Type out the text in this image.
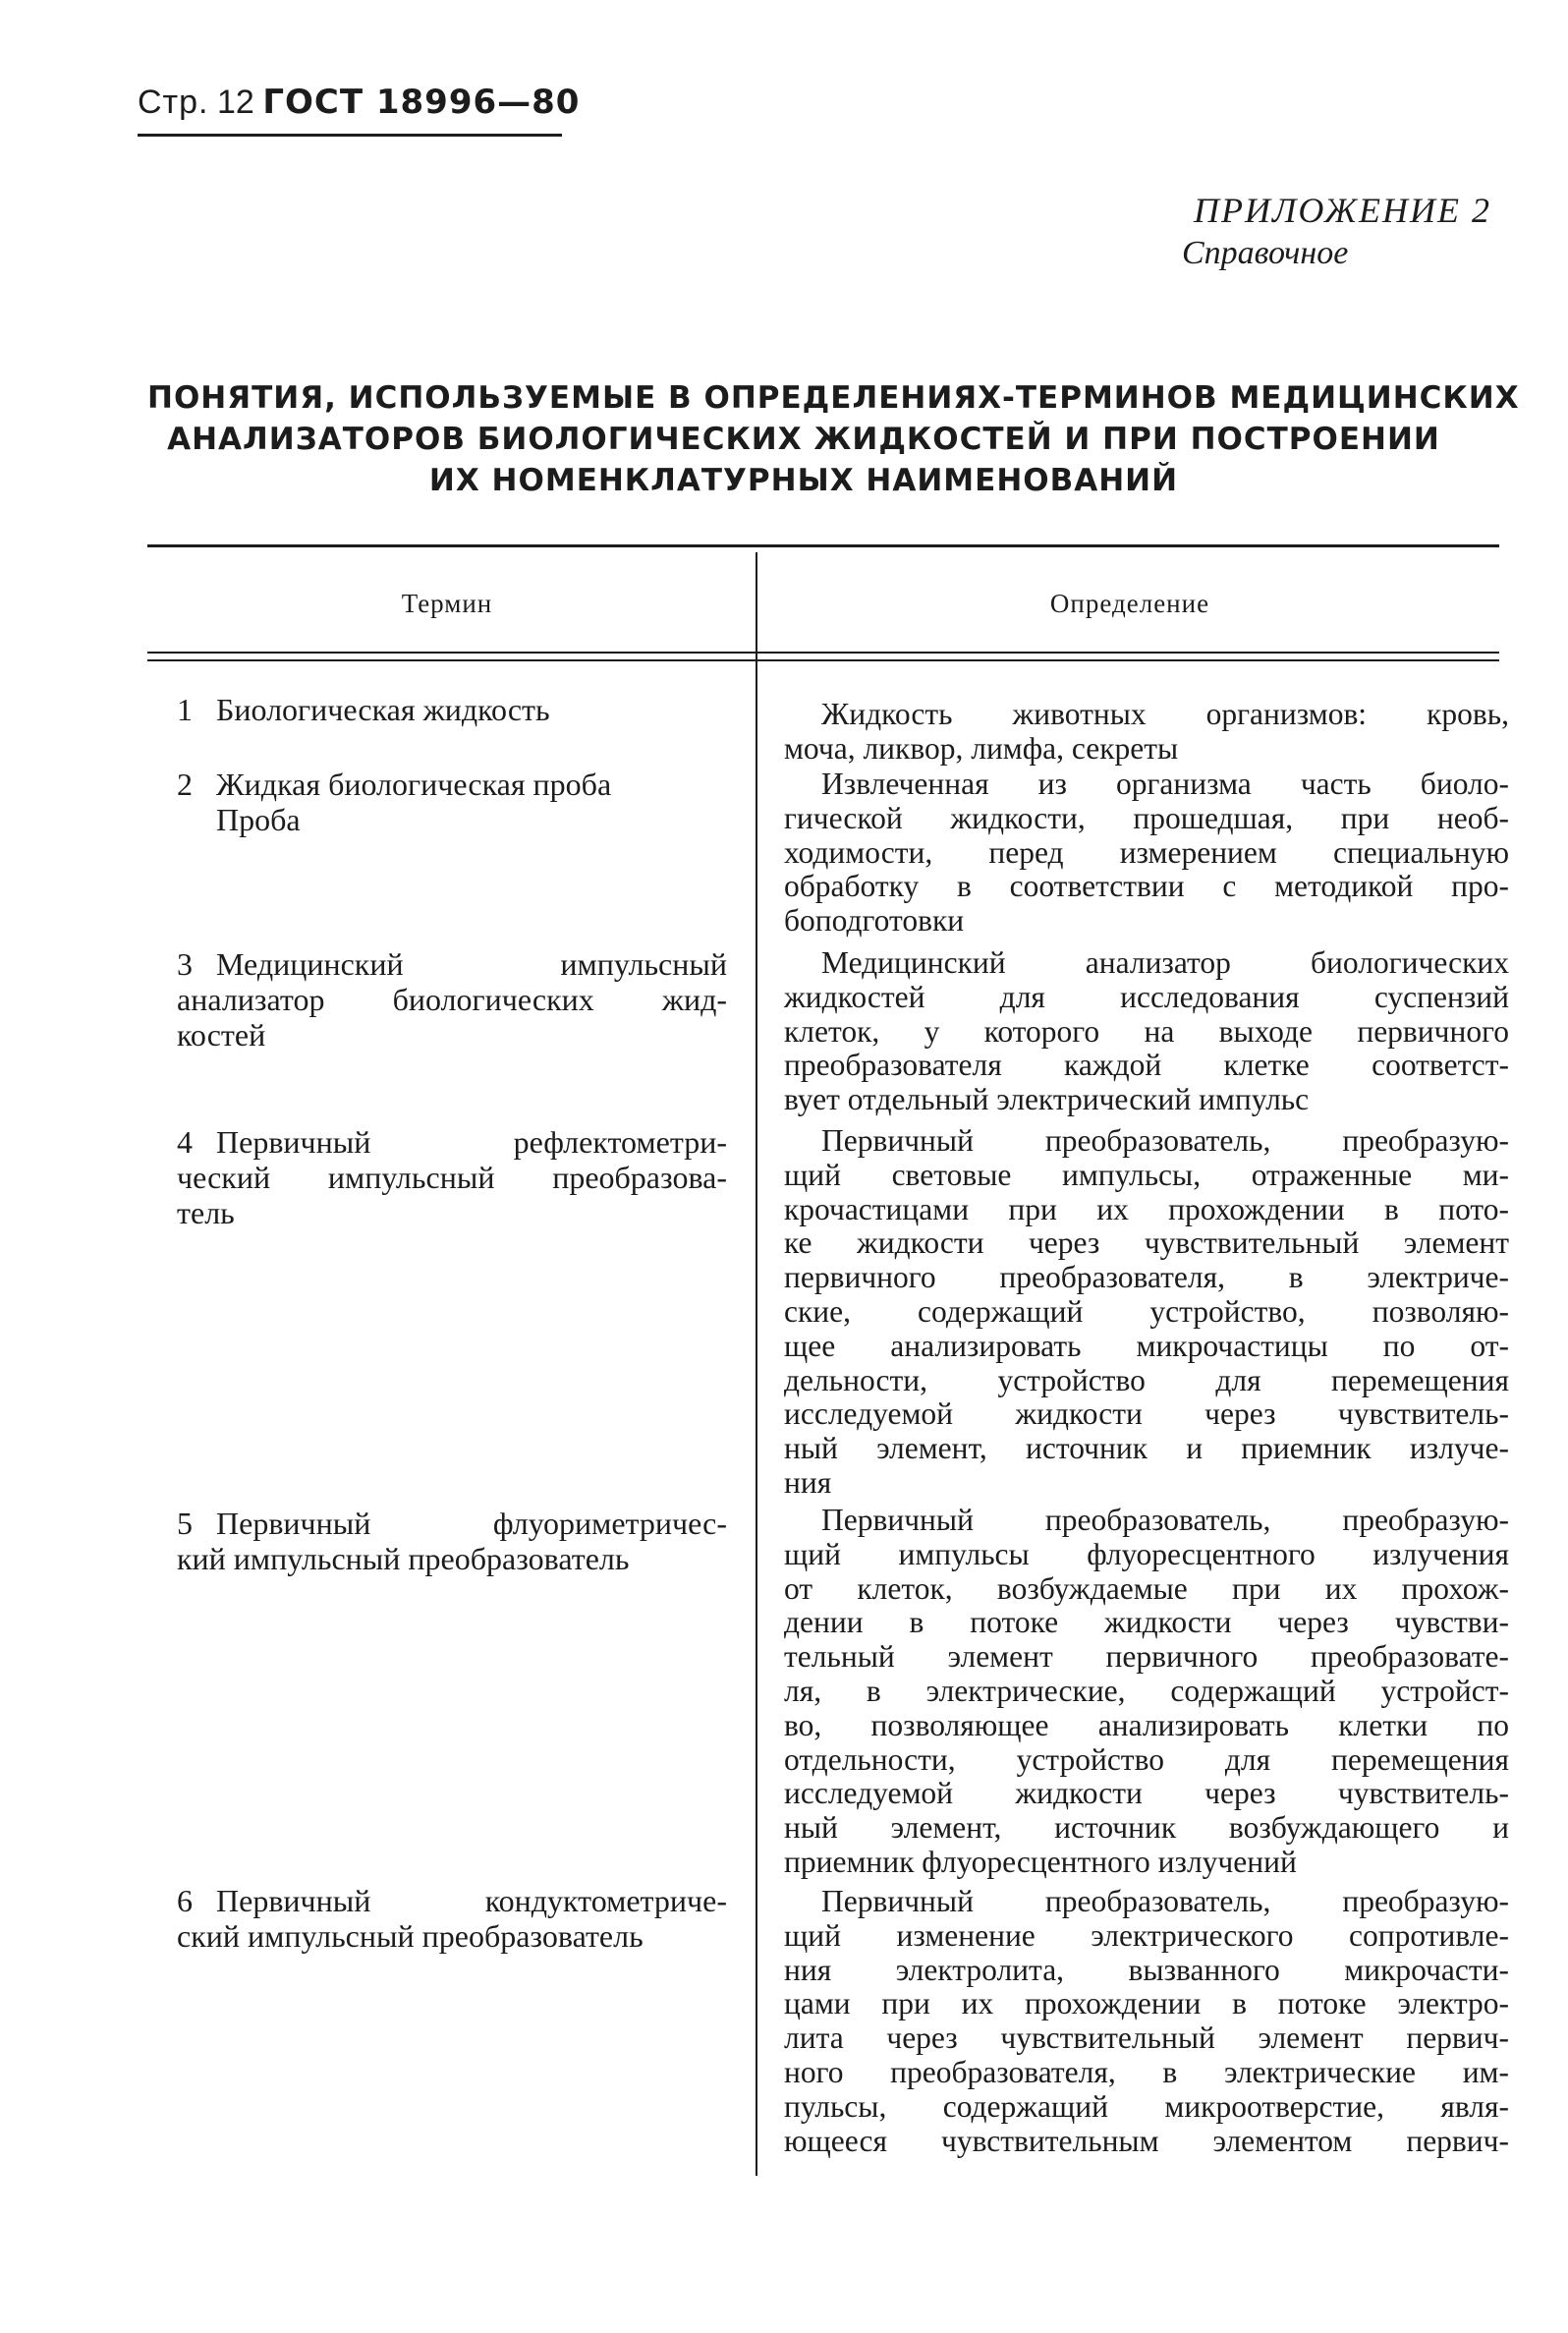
Стр. 12 ГОСТ 18996—80
ПРИЛОЖЕНИЕ 2
Справочное
ПОНЯТИЯ, ИСПОЛЬЗУЕМЫЕ В ОПРЕДЕЛЕНИЯХ-ТЕРМИНОВ МЕДИЦИНСКИХ
АНАЛИЗАТОРОВ БИОЛОГИЧЕСКИХ ЖИДКОСТЕЙ И ПРИ ПОСТРОЕНИИ
ИХ НОМЕНКЛАТУРНЫХ НАИМЕНОВАНИЙ
Термин	Определение
1 Биологическая жидкость	Жидкость животных организмов: кровь,
моча, ликвор, лимфа, секреты
2 Жидкая биологическая проба
Проба
Извлеченная из организма часть биоло-
гической жидкости, прошедшая, при необ-
ходимости, перед измерением специальную
обработку в соответствии с методикой про-
боподготовки
3 Медицинский импульсный
анализатор биологических жид-
костей
Медицинский анализатор биологических
жидкостей для исследования суспензий
клеток, у которого на выходе первичного
преобразователя каждой клетке соответст-
вует отдельный электрический импульс
4 Первичный рефлектометри-
ческий импульсный преобразова-
тель
Первичный преобразователь, преобразую-
щий световые импульсы, отраженные ми-
крочастицами при их прохождении в пото-
ке жидкости через чувствительный элемент
первичного преобразователя, в электриче-
ские, содержащий устройство, позволяю-
щее анализировать микрочастицы по от-
дельности, устройство для перемещения
исследуемой жидкости через чувствитель-
ный элемент, источник и приемник излуче-
ния
5 Первичный флуориметричес-
кий импульсный преобразователь
Первичный преобразователь, преобразую-
щий импульсы флуоресцентного излучения
от клеток, возбуждаемые при их прохож-
дении в потоке жидкости через чувстви-
тельный элемент первичного преобразовате-
ля, в электрические, содержащий устройст-
во, позволяющее анализировать клетки по
отдельности, устройство для перемещения
исследуемой жидкости через чувствитель-
ный элемент, источник возбуждающего и
приемник флуоресцентного излучений
6 Первичный кондуктометриче-
ский импульсный преобразователь
Первичный преобразователь, преобразую-
щий изменение электрического сопротивле-
ния электролита, вызванного микрочасти-
цами при их прохождении в потоке электро-
лита через чувствительный элемент первич-
ного преобразователя, в электрические им-
пульсы, содержащий микроотверстие, явля-
ющееся чувствительным элементом первич-
